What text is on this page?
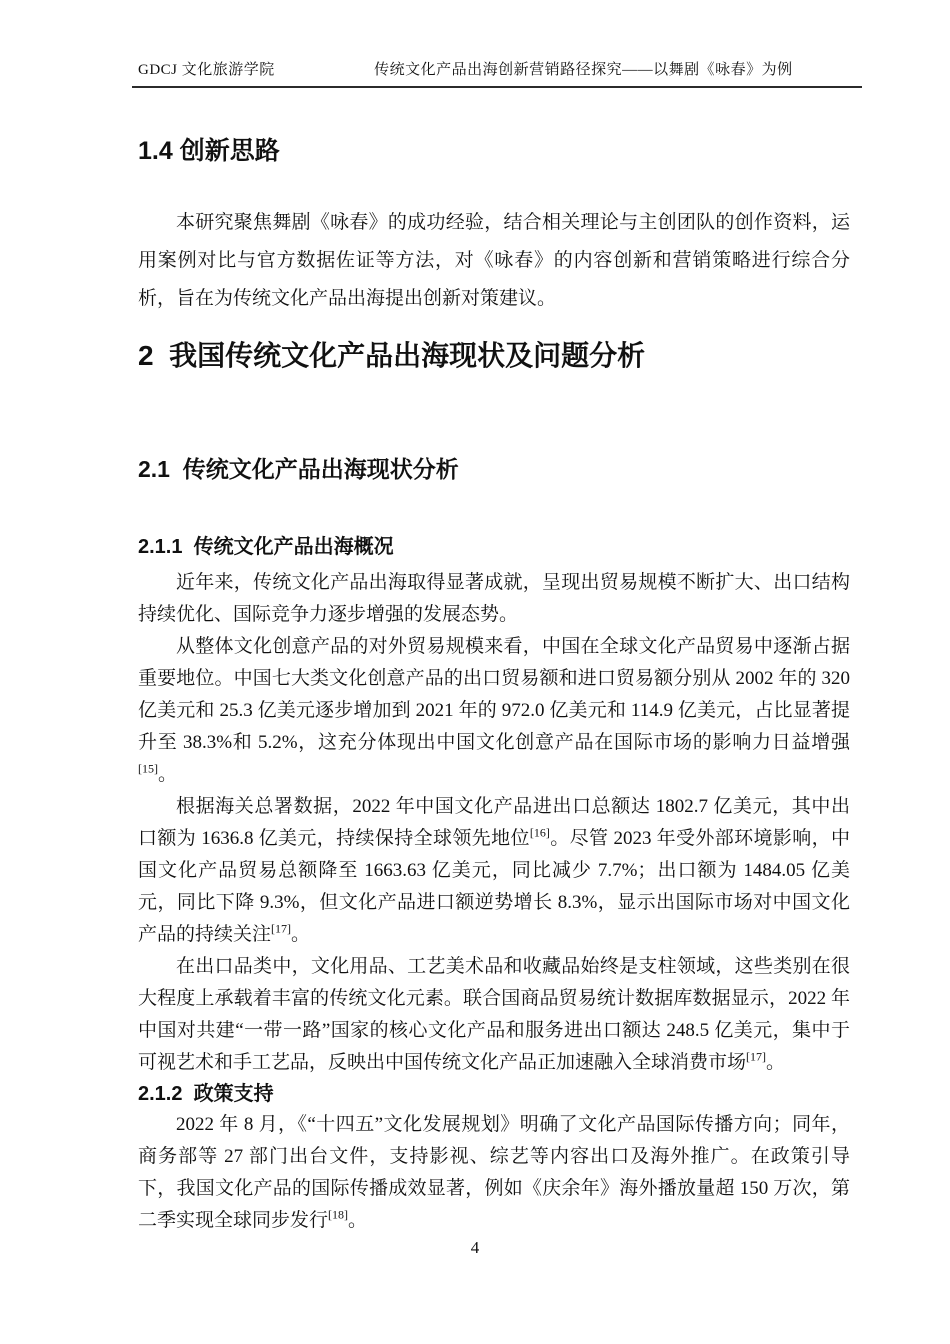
GDCJ 文化旅游学院	传统文化产品出海创新营销路径探究——以舞剧《咏春》为例
1.4 创新思路

本研究聚焦舞剧《咏春》的成功经验，结合相关理论与主创团队的创作资料，运用案例对比与官方数据佐证等方法，对《咏春》的内容创新和营销策略进行综合分析，旨在为传统文化产品出海提出创新对策建议。

2  我国传统文化产品出海现状及问题分析
2.1  传统文化产品出海现状分析
2.1.1  传统文化产品出海概况

近年来，传统文化产品出海取得显著成就，呈现出贸易规模不断扩大、出口结构持续优化、国际竞争力逐步增强的发展态势。

从整体文化创意产品的对外贸易规模来看，中国在全球文化产品贸易中逐渐占据重要地位。中国七大类文化创意产品的出口贸易额和进口贸易额分别从 2002 年的 320 亿美元和 25.3 亿美元逐步增加到 2021 年的 972.0 亿美元和 114.9 亿美元，占比显著提升至 38.3%和 5.2%，这充分体现出中国文化创意产品在国际市场的影响力日益增强[15]。

根据海关总署数据，2022 年中国文化产品进出口总额达 1802.7 亿美元，其中出口额为 1636.8 亿美元，持续保持全球领先地位[16]。尽管 2023 年受外部环境影响，中国文化产品贸易总额降至 1663.63 亿美元，同比减少 7.7%；出口额为 1484.05 亿美元，同比下降 9.3%，但文化产品进口额逆势增长 8.3%，显示出国际市场对中国文化产品的持续关注[17]。

在出口品类中，文化用品、工艺美术品和收藏品始终是支柱领域，这些类别在很大程度上承载着丰富的传统文化元素。联合国商品贸易统计数据库数据显示，2022 年中国对共建“一带一路”国家的核心文化产品和服务进出口额达 248.5 亿美元，集中于可视艺术和手工艺品，反映出中国传统文化产品正加速融入全球消费市场[17]。

2.1.2  政策支持

2022 年 8 月，《“十四五”文化发展规划》明确了文化产品国际传播方向；同年，商务部等 27 部门出台文件，支持影视、综艺等内容出口及海外推广。在政策引导下，我国文化产品的国际传播成效显著，例如《庆余年》海外播放量超 150 万次，第二季实现全球同步发行[18]。

4
